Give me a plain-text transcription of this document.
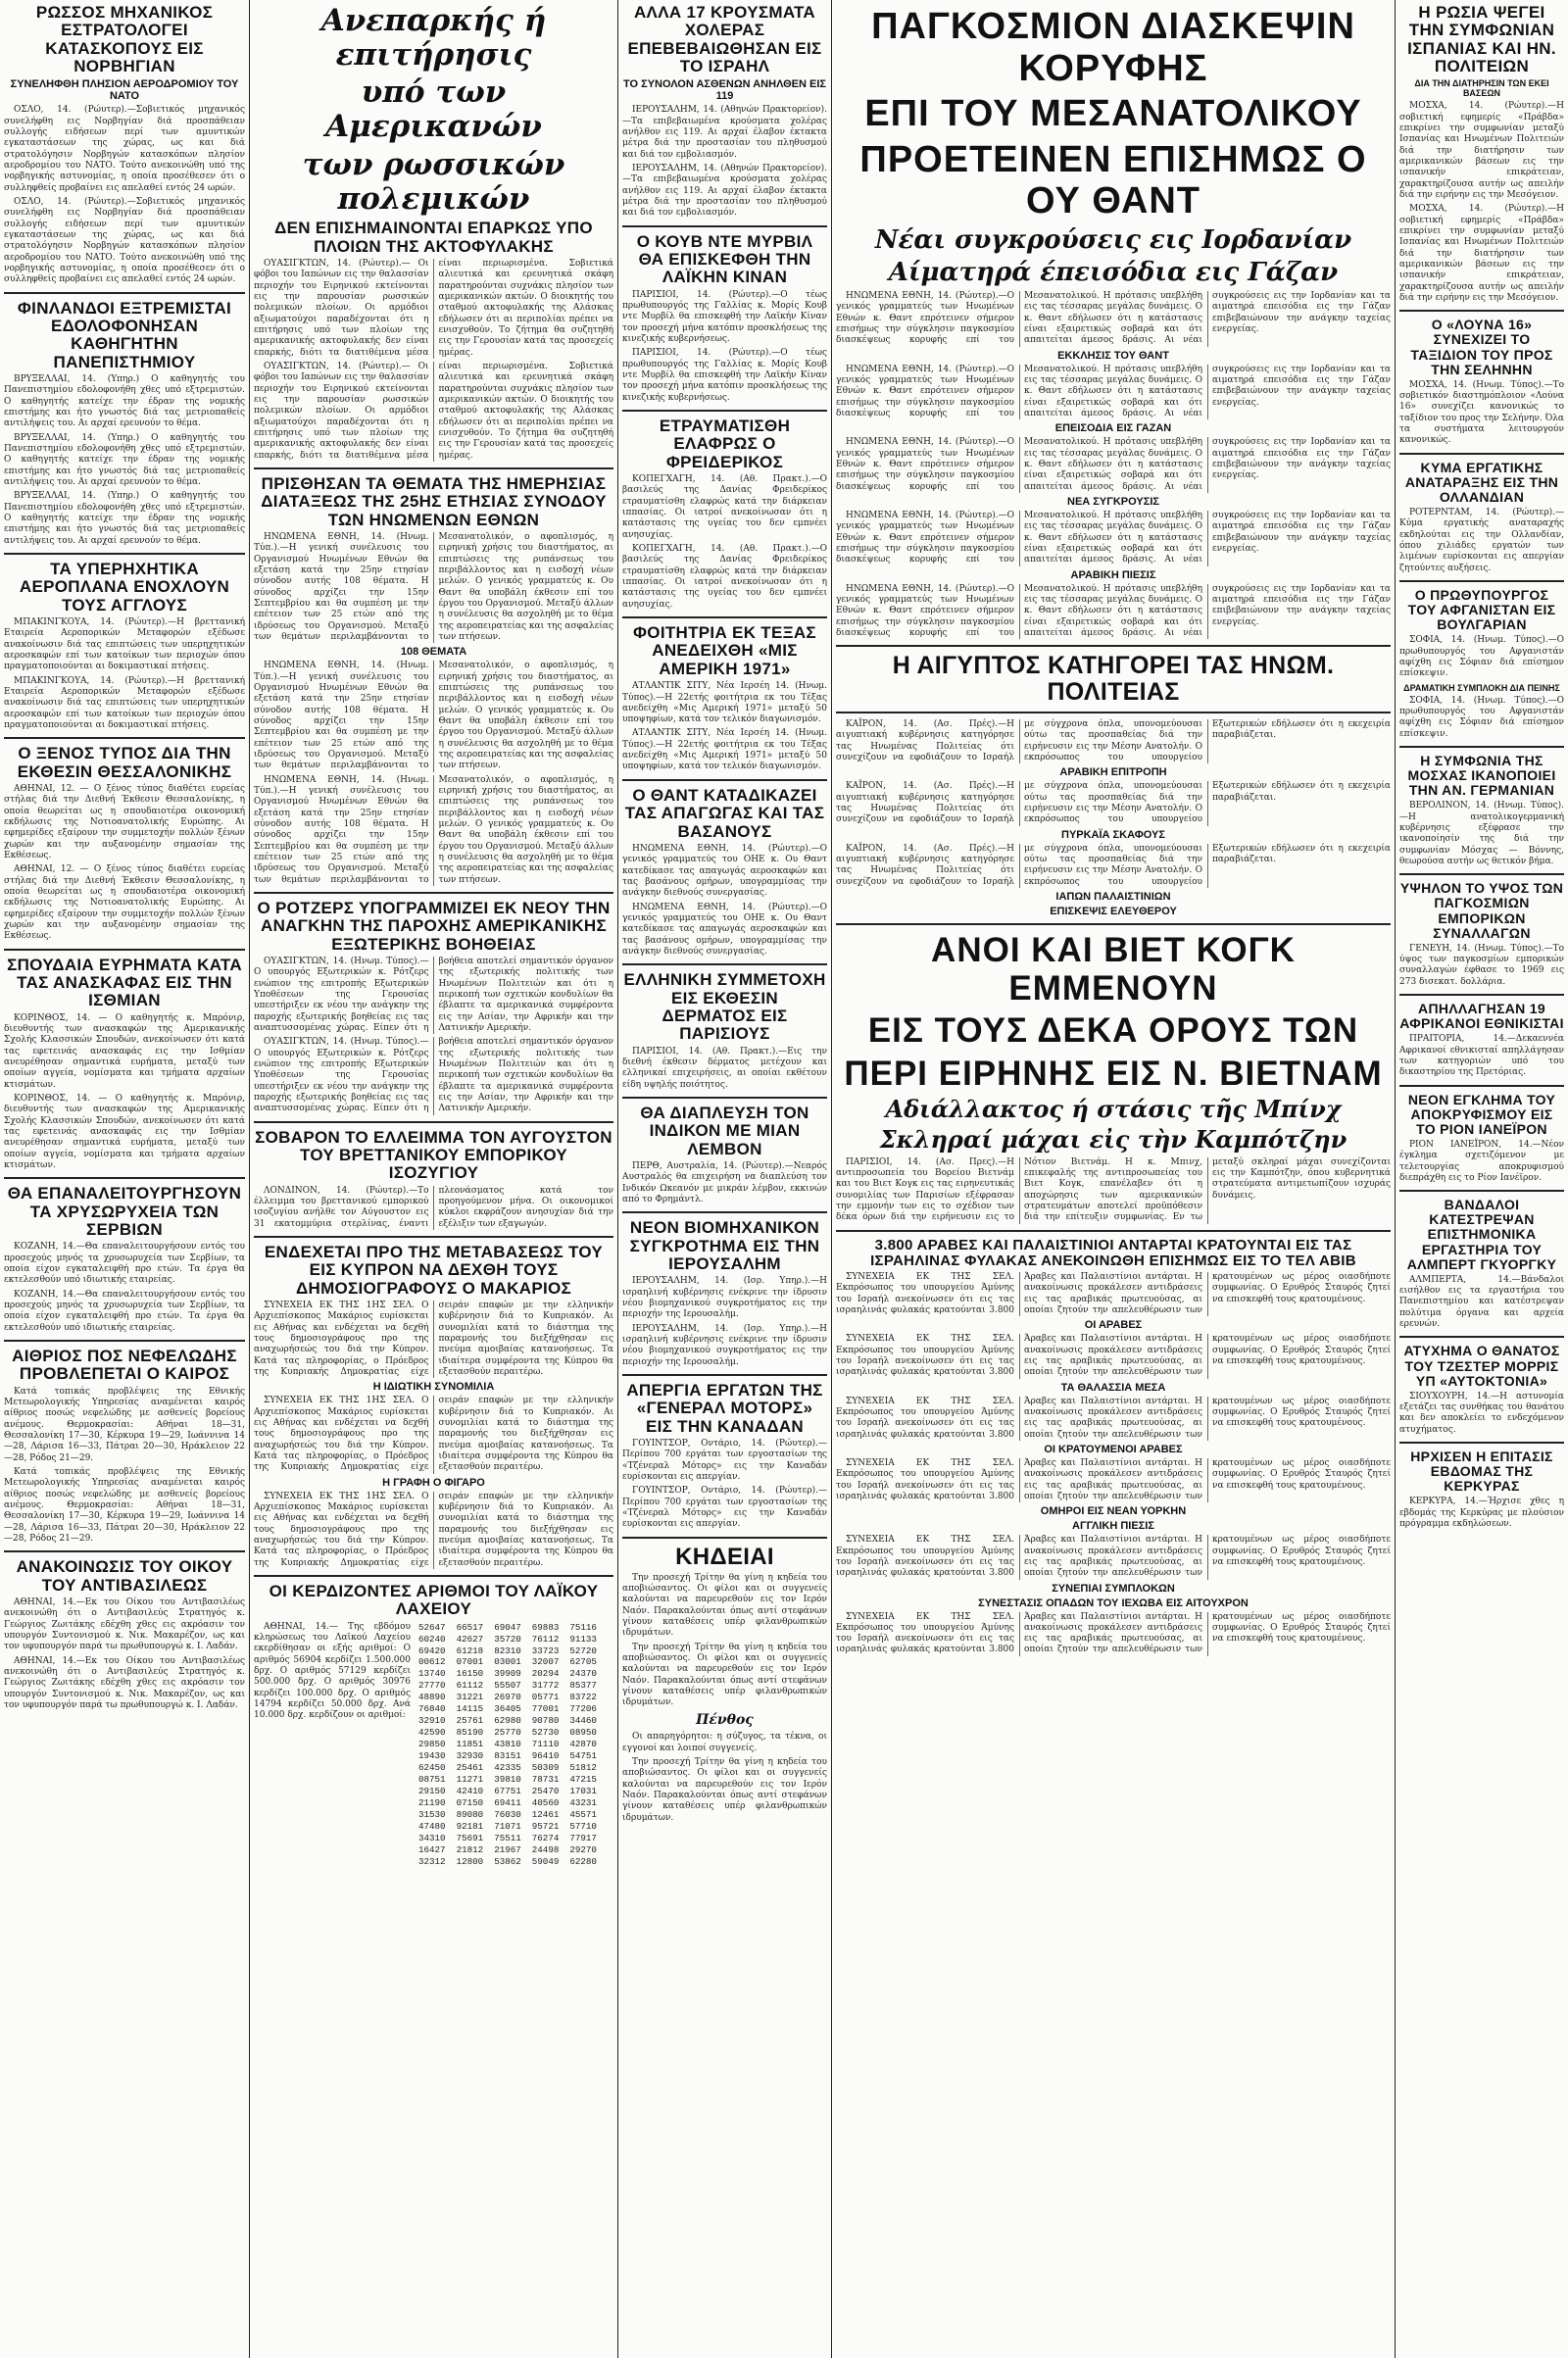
ΡΩΣΣΟΣ ΜΗΧΑΝΙΚΟΣ ΕΣΤΡΑΤΟΛΟΓΕΙ ΚΑΤΑΣΚΟΠΟΥΣ ΕΙΣ ΝΟΡΒΗΓΙΑΝ
ΣΥΝΕΛΗΦΘΗ ΠΛΗΣΙΟΝ ΑΕΡΟΔΡΟΜΙΟΥ ΤΟΥ ΝΑΤΟ

ΟΣΛΟ, 14. (Ρώυτερ).—Σοβιετικός μηχανικός συνελήφθη εις Νορβηγίαν διά προσπάθειαν συλλογής ειδήσεων περί των αμυντικών εγκαταστάσεων της χώρας, ως και διά στρατολόγησιν Νορβηγών κατασκόπων πλησίον αεροδρομίου του ΝΑΤΟ. Τούτο ανεκοινώθη υπό της νορβηγικής αστυνομίας, η οποία προσέθεσεν ότι ο συλληφθείς προβαίνει εις απελαθεί εντός 24 ωρών.

ΟΣΛΟ, 14. (Ρώυτερ).—Σοβιετικός μηχανικός συνελήφθη εις Νορβηγίαν διά προσπάθειαν συλλογής ειδήσεων περί των αμυντικών εγκαταστάσεων της χώρας, ως και διά στρατολόγησιν Νορβηγών κατασκόπων πλησίον αεροδρομίου του ΝΑΤΟ. Τούτο ανεκοινώθη υπό της νορβηγικής αστυνομίας, η οποία προσέθεσεν ότι ο συλληφθείς προβαίνει εις απελαθεί εντός 24 ωρών.

ΦΙΝΛΑΝΔΟΙ ΕΞΤΡΕΜΙΣΤΑΙ ΕΔΟΛΟΦΟΝΗΣΑΝ ΚΑΘΗΓΗΤΗΝ ΠΑΝΕΠΙΣΤΗΜΙΟΥ

ΒΡΥΞΕΛΛΑΙ, 14. (Υπηρ.) Ο καθηγητής του Πανεπιστημίου εδολοφονήθη χθες υπό εξτρεμιστών. Ο καθηγητής κατείχε την έδραν της νομικής επιστήμης και ήτο γνωστός διά τας μετριοπαθείς αντιλήψεις του. Αι αρχαί ερευνούν το θέμα.

ΒΡΥΞΕΛΛΑΙ, 14. (Υπηρ.) Ο καθηγητής του Πανεπιστημίου εδολοφονήθη χθες υπό εξτρεμιστών. Ο καθηγητής κατείχε την έδραν της νομικής επιστήμης και ήτο γνωστός διά τας μετριοπαθείς αντιλήψεις του. Αι αρχαί ερευνούν το θέμα.

ΒΡΥΞΕΛΛΑΙ, 14. (Υπηρ.) Ο καθηγητής του Πανεπιστημίου εδολοφονήθη χθες υπό εξτρεμιστών. Ο καθηγητής κατείχε την έδραν της νομικής επιστήμης και ήτο γνωστός διά τας μετριοπαθείς αντιλήψεις του. Αι αρχαί ερευνούν το θέμα.

ΤΑ ΥΠΕΡΗΧΗΤΙΚΑ ΑΕΡΟΠΛΑΝΑ ΕΝΟΧΛΟΥΝ ΤΟΥΣ ΑΓΓΛΟΥΣ

ΜΠΑΚΙΝΓΚΟΥΑ, 14. (Ρώυτερ).—Η βρεττανική Εταιρεία Αεροπορικών Μεταφορών εξέδωσε ανακοίνωσιν διά τας επιπτώσεις των υπερηχητικών αεροσκαφών επί των κατοίκων των περιοχών όπου πραγματοποιούνται αι δοκιμαστικαί πτήσεις.

ΜΠΑΚΙΝΓΚΟΥΑ, 14. (Ρώυτερ).—Η βρεττανική Εταιρεία Αεροπορικών Μεταφορών εξέδωσε ανακοίνωσιν διά τας επιπτώσεις των υπερηχητικών αεροσκαφών επί των κατοίκων των περιοχών όπου πραγματοποιούνται αι δοκιμαστικαί πτήσεις.

Ο ΞΕΝΟΣ ΤΥΠΟΣ ΔΙΑ ΤΗΝ ΕΚΘΕΣΙΝ ΘΕΣΣΑΛΟΝΙΚΗΣ

ΑΘΗΝΑΙ, 12. — Ο ξένος τύπος διαθέτει ευρείας στήλας διά την Διεθνή Έκθεσιν Θεσσαλονίκης, η οποία θεωρείται ως η σπουδαιοτέρα οικονομική εκδήλωσις της Νοτιοανατολικής Ευρώπης. Αι εφημερίδες εξαίρουν την συμμετοχήν πολλών ξένων χωρών και την αυξανομένην σημασίαν της Εκθέσεως.

ΑΘΗΝΑΙ, 12. — Ο ξένος τύπος διαθέτει ευρείας στήλας διά την Διεθνή Έκθεσιν Θεσσαλονίκης, η οποία θεωρείται ως η σπουδαιοτέρα οικονομική εκδήλωσις της Νοτιοανατολικής Ευρώπης. Αι εφημερίδες εξαίρουν την συμμετοχήν πολλών ξένων χωρών και την αυξανομένην σημασίαν της Εκθέσεως.

ΣΠΟΥΔΑΙΑ ΕΥΡΗΜΑΤΑ ΚΑΤΑ ΤΑΣ ΑΝΑΣΚΑΦΑΣ ΕΙΣ ΤΗΝ ΙΣΘΜΙΑΝ

ΚΟΡΙΝΘΟΣ, 14. — Ο καθηγητής κ. Μπρόνιρ, διευθυντής των ανασκαφών της Αμερικανικής Σχολής Κλασσικών Σπουδών, ανεκοίνωσεν ότι κατά τας εφετεινάς ανασκαφάς εις την Ισθμίαν ανευρέθησαν σημαντικά ευρήματα, μεταξύ των οποίων αγγεία, νομίσματα και τμήματα αρχαίων κτισμάτων.

ΚΟΡΙΝΘΟΣ, 14. — Ο καθηγητής κ. Μπρόνιρ, διευθυντής των ανασκαφών της Αμερικανικής Σχολής Κλασσικών Σπουδών, ανεκοίνωσεν ότι κατά τας εφετεινάς ανασκαφάς εις την Ισθμίαν ανευρέθησαν σημαντικά ευρήματα, μεταξύ των οποίων αγγεία, νομίσματα και τμήματα αρχαίων κτισμάτων.

ΘΑ ΕΠΑΝΑΛΕΙΤΟΥΡΓΗΣΟΥΝ ΤΑ ΧΡΥΣΩΡΥΧΕΙΑ ΤΩΝ ΣΕΡΒΙΩΝ

ΚΟΖΑΝΗ, 14.—Θα επαναλειτουργήσουν εντός του προσεχούς μηνός τα χρυσωρυχεία των Σερβίων, τα οποία είχον εγκαταλειφθή προ ετών. Τα έργα θα εκτελεσθούν υπό ιδιωτικής εταιρείας.

ΚΟΖΑΝΗ, 14.—Θα επαναλειτουργήσουν εντός του προσεχούς μηνός τα χρυσωρυχεία των Σερβίων, τα οποία είχον εγκαταλειφθή προ ετών. Τα έργα θα εκτελεσθούν υπό ιδιωτικής εταιρείας.

ΑΙΘΡΙΟΣ ΠΟΣ ΝΕΦΕΛΩΔΗΣ ΠΡΟΒΛΕΠΕΤΑΙ Ο ΚΑΙΡΟΣ

Κατά τοπικάς προβλέψεις της Εθνικής Μετεωρολογικής Υπηρεσίας αναμένεται καιρός αίθριος ποσώς νεφελώδης με ασθενείς βορείους ανέμους. Θερμοκρασίαι: Αθήναι 18—31, Θεσσαλονίκη 17—30, Κέρκυρα 19—29, Ιωάννινα 14—28, Λάρισα 16—33, Πάτραι 20—30, Ηράκλειον 22—28, Ρόδος 21—29.

Κατά τοπικάς προβλέψεις της Εθνικής Μετεωρολογικής Υπηρεσίας αναμένεται καιρός αίθριος ποσώς νεφελώδης με ασθενείς βορείους ανέμους. Θερμοκρασίαι: Αθήναι 18—31, Θεσσαλονίκη 17—30, Κέρκυρα 19—29, Ιωάννινα 14—28, Λάρισα 16—33, Πάτραι 20—30, Ηράκλειον 22—28, Ρόδος 21—29.

ΑΝΑΚΟΙΝΩΣΙΣ ΤΟΥ ΟΙΚΟΥ ΤΟΥ ΑΝΤΙΒΑΣΙΛΕΩΣ

ΑΘΗΝΑΙ, 14.—Εκ του Οίκου του Αντιβασιλέως ανεκοινώθη ότι ο Αντιβασιλεύς Στρατηγός κ. Γεώργιος Ζωιτάκης εδέχθη χθες εις ακρόασιν τον υπουργόν Συντονισμού κ. Νικ. Μακαρέζον, ως και τον υφυπουργόν παρά τω πρωθυπουργώ κ. Ι. Λαδάν.

ΑΘΗΝΑΙ, 14.—Εκ του Οίκου του Αντιβασιλέως ανεκοινώθη ότι ο Αντιβασιλεύς Στρατηγός κ. Γεώργιος Ζωιτάκης εδέχθη χθες εις ακρόασιν τον υπουργόν Συντονισμού κ. Νικ. Μακαρέζον, ως και τον υφυπουργόν παρά τω πρωθυπουργώ κ. Ι. Λαδάν.

Ανεπαρκής ή επιτήρησις
υπό των Αμερικανών
των ρωσσικών πολεμικών
ΔΕΝ ΕΠΙΣΗΜΑΙΝΟΝΤΑΙ ΕΠΑΡΚΩΣ ΥΠΟ ΠΛΟΙΩΝ ΤΗΣ ΑΚΤΟΦΥΛΑΚΗΣ

ΟΥΑΣΙΓΚΤΩΝ, 14. (Ρώυτερ).— Οι φόβοι του Ιαπώνων εις την θαλασσίαν περιοχήν του Ειρηνικού εκτείνονται εις την παρουσίαν ρωσσικών πολεμικών πλοίων. Οι αρμόδιοι αξιωματούχοι παραδέχονται ότι η επιτήρησις υπό των πλοίων της αμερικανικής ακτοφυλακής δεν είναι επαρκής, διότι τα διατιθέμενα μέσα είναι περιωρισμένα. Σοβιετικά αλιευτικά και ερευνητικά σκάφη παρατηρούνται συχνάκις πλησίον των αμερικανικών ακτών. Ο διοικητής του σταθμού ακτοφυλακής της Αλάσκας εδήλωσεν ότι αι περιπολίαι πρέπει να ενισχυθούν. Το ζήτημα θα συζητηθή εις την Γερουσίαν κατά τας προσεχείς ημέρας.

ΟΥΑΣΙΓΚΤΩΝ, 14. (Ρώυτερ).— Οι φόβοι του Ιαπώνων εις την θαλασσίαν περιοχήν του Ειρηνικού εκτείνονται εις την παρουσίαν ρωσσικών πολεμικών πλοίων. Οι αρμόδιοι αξιωματούχοι παραδέχονται ότι η επιτήρησις υπό των πλοίων της αμερικανικής ακτοφυλακής δεν είναι επαρκής, διότι τα διατιθέμενα μέσα είναι περιωρισμένα. Σοβιετικά αλιευτικά και ερευνητικά σκάφη παρατηρούνται συχνάκις πλησίον των αμερικανικών ακτών. Ο διοικητής του σταθμού ακτοφυλακής της Αλάσκας εδήλωσεν ότι αι περιπολίαι πρέπει να ενισχυθούν. Το ζήτημα θα συζητηθή εις την Γερουσίαν κατά τας προσεχείς ημέρας.

ΠΡΙΣΘΗΣΑΝ ΤΑ ΘΕΜΑΤΑ ΤΗΣ ΗΜΕΡΗΣΙΑΣ ΔΙΑΤΑΞΕΩΣ ΤΗΣ 25ΗΣ ΕΤΗΣΙΑΣ ΣΥΝΟΔΟΥ ΤΩΝ ΗΝΩΜΕΝΩΝ ΕΘΝΩΝ

ΗΝΩΜΕΝΑ ΕΘΝΗ, 14. (Ηνωμ. Τύπ.).—Η γενική συνέλευσις του Οργανισμού Ηνωμένων Εθνών θα εξετάση κατά την 25ην ετησίαν σύνοδον αυτής 108 θέματα. Η σύνοδος αρχίζει την 15ην Σεπτεμβρίου και θα συμπέση με την επέτειον των 25 ετών από της ιδρύσεως του Οργανισμού. Μεταξύ των θεμάτων περιλαμβάνονται το Μεσανατολικόν, ο αφοπλισμός, η ειρηνική χρήσις του διαστήματος, αι επιπτώσεις της ρυπάνσεως του περιβάλλοντος και η εισδοχή νέων μελών. Ο γενικός γραμματεύς κ. Ου Θαντ θα υποβάλη έκθεσιν επί του έργου του Οργανισμού. Μεταξύ άλλων η συνέλευσις θα ασχοληθή με το θέμα της αεροπειρατείας και της ασφαλείας των πτήσεων.

108 ΘΕΜΑΤΑ

ΗΝΩΜΕΝΑ ΕΘΝΗ, 14. (Ηνωμ. Τύπ.).—Η γενική συνέλευσις του Οργανισμού Ηνωμένων Εθνών θα εξετάση κατά την 25ην ετησίαν σύνοδον αυτής 108 θέματα. Η σύνοδος αρχίζει την 15ην Σεπτεμβρίου και θα συμπέση με την επέτειον των 25 ετών από της ιδρύσεως του Οργανισμού. Μεταξύ των θεμάτων περιλαμβάνονται το Μεσανατολικόν, ο αφοπλισμός, η ειρηνική χρήσις του διαστήματος, αι επιπτώσεις της ρυπάνσεως του περιβάλλοντος και η εισδοχή νέων μελών. Ο γενικός γραμματεύς κ. Ου Θαντ θα υποβάλη έκθεσιν επί του έργου του Οργανισμού. Μεταξύ άλλων η συνέλευσις θα ασχοληθή με το θέμα της αεροπειρατείας και της ασφαλείας των πτήσεων.

ΗΝΩΜΕΝΑ ΕΘΝΗ, 14. (Ηνωμ. Τύπ.).—Η γενική συνέλευσις του Οργανισμού Ηνωμένων Εθνών θα εξετάση κατά την 25ην ετησίαν σύνοδον αυτής 108 θέματα. Η σύνοδος αρχίζει την 15ην Σεπτεμβρίου και θα συμπέση με την επέτειον των 25 ετών από της ιδρύσεως του Οργανισμού. Μεταξύ των θεμάτων περιλαμβάνονται το Μεσανατολικόν, ο αφοπλισμός, η ειρηνική χρήσις του διαστήματος, αι επιπτώσεις της ρυπάνσεως του περιβάλλοντος και η εισδοχή νέων μελών. Ο γενικός γραμματεύς κ. Ου Θαντ θα υποβάλη έκθεσιν επί του έργου του Οργανισμού. Μεταξύ άλλων η συνέλευσις θα ασχοληθή με το θέμα της αεροπειρατείας και της ασφαλείας των πτήσεων.

Ο ΡΟΤΖΕΡΣ ΥΠΟΓΡΑΜΜΙΖΕΙ ΕΚ ΝΕΟΥ ΤΗΝ ΑΝΑΓΚΗΝ ΤΗΣ ΠΑΡΟΧΗΣ ΑΜΕΡΙΚΑΝΙΚΗΣ ΕΞΩΤΕΡΙΚΗΣ ΒΟΗΘΕΙΑΣ

ΟΥΑΣΙΓΚΤΩΝ, 14. (Ηνωμ. Τύπος).—Ο υπουργός Εξωτερικών κ. Ρότζερς ενώπιον της επιτροπής Εξωτερικών Υποθέσεων της Γερουσίας υπεστήριξεν εκ νέου την ανάγκην της παροχής εξωτερικής βοηθείας εις τας αναπτυσσομένας χώρας. Είπεν ότι η βοήθεια αποτελεί σημαντικόν όργανον της εξωτερικής πολιτικής των Ηνωμένων Πολιτειών και ότι η περικοπή των σχετικών κονδυλίων θα έβλαπτε τα αμερικανικά συμφέροντα εις την Ασίαν, την Αφρικήν και την Λατινικήν Αμερικήν.

ΟΥΑΣΙΓΚΤΩΝ, 14. (Ηνωμ. Τύπος).—Ο υπουργός Εξωτερικών κ. Ρότζερς ενώπιον της επιτροπής Εξωτερικών Υποθέσεων της Γερουσίας υπεστήριξεν εκ νέου την ανάγκην της παροχής εξωτερικής βοηθείας εις τας αναπτυσσομένας χώρας. Είπεν ότι η βοήθεια αποτελεί σημαντικόν όργανον της εξωτερικής πολιτικής των Ηνωμένων Πολιτειών και ότι η περικοπή των σχετικών κονδυλίων θα έβλαπτε τα αμερικανικά συμφέροντα εις την Ασίαν, την Αφρικήν και την Λατινικήν Αμερικήν.

ΣΟΒΑΡΟΝ ΤΟ ΕΛΛΕΙΜΜΑ ΤΟΝ ΑΥΓΟΥΣΤΟΝ ΤΟΥ ΒΡΕΤΤΑΝΙΚΟΥ ΕΜΠΟΡΙΚΟΥ ΙΣΟΖΥΓΙΟΥ

ΛΟΝΔΙΝΟΝ, 14. (Ρώυτερ).—Το έλλειμμα του βρεττανικού εμπορικού ισοζυγίου ανήλθε τον Αύγουστον εις 31 εκατομμύρια στερλίνας, έναντι πλεονάσματος κατά τον προηγούμενον μήνα. Οι οικονομικοί κύκλοι εκφράζουν ανησυχίαν διά την εξέλιξιν των εξαγωγών.

ΕΝΔΕΧΕΤΑΙ ΠΡΟ ΤΗΣ ΜΕΤΑΒΑΣΕΩΣ ΤΟΥ ΕΙΣ ΚΥΠΡΟΝ ΝΑ ΔΕΧΘΗ ΤΟΥΣ ΔΗΜΟΣΙΟΓΡΑΦΟΥΣ Ο ΜΑΚΑΡΙΟΣ

ΣΥΝΕΧΕΙΑ ΕΚ ΤΗΣ 1ΗΣ ΣΕΛ. Ο Αρχιεπίσκοπος Μακάριος ευρίσκεται εις Αθήνας και ενδέχεται να δεχθή τους δημοσιογράφους προ της αναχωρήσεώς του διά την Κύπρον. Κατά τας πληροφορίας, ο Πρόεδρος της Κυπριακής Δημοκρατίας είχε σειράν επαφών με την ελληνικήν κυβέρνησιν διά το Κυπριακόν. Αι συνομιλίαι κατά το διάστημα της παραμονής του διεξήχθησαν εις πνεύμα αμοιβαίας κατανοήσεως. Τα ιδιαίτερα συμφέροντα της Κύπρου θα εξετασθούν περαιτέρω.

Η ΙΔΙΩΤΙΚΗ ΣΥΝΟΜΙΛΙΑ

ΣΥΝΕΧΕΙΑ ΕΚ ΤΗΣ 1ΗΣ ΣΕΛ. Ο Αρχιεπίσκοπος Μακάριος ευρίσκεται εις Αθήνας και ενδέχεται να δεχθή τους δημοσιογράφους προ της αναχωρήσεώς του διά την Κύπρον. Κατά τας πληροφορίας, ο Πρόεδρος της Κυπριακής Δημοκρατίας είχε σειράν επαφών με την ελληνικήν κυβέρνησιν διά το Κυπριακόν. Αι συνομιλίαι κατά το διάστημα της παραμονής του διεξήχθησαν εις πνεύμα αμοιβαίας κατανοήσεως. Τα ιδιαίτερα συμφέροντα της Κύπρου θα εξετασθούν περαιτέρω.

Η ΓΡΑΦΗ Ο ΦΙΓΑΡΟ

ΣΥΝΕΧΕΙΑ ΕΚ ΤΗΣ 1ΗΣ ΣΕΛ. Ο Αρχιεπίσκοπος Μακάριος ευρίσκεται εις Αθήνας και ενδέχεται να δεχθή τους δημοσιογράφους προ της αναχωρήσεώς του διά την Κύπρον. Κατά τας πληροφορίας, ο Πρόεδρος της Κυπριακής Δημοκρατίας είχε σειράν επαφών με την ελληνικήν κυβέρνησιν διά το Κυπριακόν. Αι συνομιλίαι κατά το διάστημα της παραμονής του διεξήχθησαν εις πνεύμα αμοιβαίας κατανοήσεως. Τα ιδιαίτερα συμφέροντα της Κύπρου θα εξετασθούν περαιτέρω.

ΟΙ ΚΕΡΔΙΖΟΝΤΕΣ ΑΡΙΘΜΟΙ ΤΟΥ ΛΑΪΚΟΥ ΛΑΧΕΙΟΥ

ΑΘΗΝΑΙ, 14.— Της εβδόμου κληρώσεως του Λαϊκού Λαχείου εκερδίθησαν οι εξής αριθμοί: Ο αριθμός 56904 κερδίζει 1.500.000 δρχ. Ο αριθμός 57129 κερδίζει 500.000 δρχ. Ο αριθμός 30976 κερδίζει 100.000 δρχ. Ο αριθμός 14794 κερδίζει 50.000 δρχ. Ανά 10.000 δρχ. κερδίζουν οι αριθμοί:

52647  66517  69047  69883  75116
60240  42627  35720  76112  91133
69420  61218  82310  33723  52720
00612  07001  03001  32007  62705
13740  16150  39909  20294  24370
27770  61112  55507  31772  85377
48890  31221  26970  05771  83722
76840  14115  36405  77001  77206
32910  25761  62980  90780  34460
42590  85190  25770  52730  08950
29850  11851  43810  71110  42870
19430  32930  83151  96410  54751
62450  25461  42335  50309  51812
08751  11271  39810  78731  47215
29150  42410  67751  25470  17031
21190  07150  69411  40560  43231
31530  89080  76030  12461  45571
47480  92181  71071  95721  57710
34310  75691  75511  76274  77917
16427  21812  21967  24498  29270
32312  12800  53862  59049  62280
ΑΛΛΑ 17 ΚΡΟΥΣΜΑΤΑ ΧΟΛΕΡΑΣ ΕΠΕΒΕΒΑΙΩΘΗΣΑΝ ΕΙΣ ΤΟ ΙΣΡΑΗΛ
ΤΟ ΣΥΝΟΛΟΝ ΑΣΘΕΝΩΝ ΑΝΗΛΘΕΝ ΕΙΣ 119

ΙΕΡΟΥΣΑΛΗΜ, 14. (Αθηνών Πρακτορείον).—Τα επιβεβαιωμένα κρούσματα χολέρας ανήλθον εις 119. Αι αρχαί έλαβον έκτακτα μέτρα διά την προστασίαν του πληθυσμού και διά τον εμβολιασμόν.

ΙΕΡΟΥΣΑΛΗΜ, 14. (Αθηνών Πρακτορείον).—Τα επιβεβαιωμένα κρούσματα χολέρας ανήλθον εις 119. Αι αρχαί έλαβον έκτακτα μέτρα διά την προστασίαν του πληθυσμού και διά τον εμβολιασμόν.

Ο ΚΟΥΒ ΝΤΕ ΜΥΡΒΙΛ ΘΑ ΕΠΙΣΚΕΦΘΗ ΤΗΝ ΛΑΪΚΗΝ ΚΙΝΑΝ

ΠΑΡΙΣΙΟΙ, 14. (Ρώυτερ).—Ο τέως πρωθυπουργός της Γαλλίας κ. Μορίς Κουβ ντε Μυρβίλ θα επισκεφθή την Λαϊκήν Κίναν τον προσεχή μήνα κατόπιν προσκλήσεως της κινεζικής κυβερνήσεως.

ΠΑΡΙΣΙΟΙ, 14. (Ρώυτερ).—Ο τέως πρωθυπουργός της Γαλλίας κ. Μορίς Κουβ ντε Μυρβίλ θα επισκεφθή την Λαϊκήν Κίναν τον προσεχή μήνα κατόπιν προσκλήσεως της κινεζικής κυβερνήσεως.

ΕΤΡΑΥΜΑΤΙΣΘΗ ΕΛΑΦΡΩΣ Ο ΦΡΕΙΔΕΡΙΚΟΣ

ΚΟΠΕΓΧΑΓΗ, 14. (Αθ. Πρακτ.).—Ο βασιλεύς της Δανίας Φρειδερίκος ετραυματίσθη ελαφρώς κατά την διάρκειαν ιππασίας. Οι ιατροί ανεκοίνωσαν ότι η κατάστασις της υγείας του δεν εμπνέει ανησυχίας.

ΚΟΠΕΓΧΑΓΗ, 14. (Αθ. Πρακτ.).—Ο βασιλεύς της Δανίας Φρειδερίκος ετραυματίσθη ελαφρώς κατά την διάρκειαν ιππασίας. Οι ιατροί ανεκοίνωσαν ότι η κατάστασις της υγείας του δεν εμπνέει ανησυχίας.

ΦΟΙΤΗΤΡΙΑ ΕΚ ΤΕΞΑΣ ΑΝΕΔΕΙΧΘΗ «ΜΙΣ ΑΜΕΡΙΚΗ 1971»

ΑΤΛΑΝΤΙΚ ΣΙΤΥ, Νέα Ιερσέη 14. (Ηνωμ. Τύπος).—Η 22ετής φοιτήτρια εκ του Τέξας ανεδείχθη «Μις Αμερική 1971» μεταξύ 50 υποψηφίων, κατά τον τελικόν διαγωνισμόν.

ΑΤΛΑΝΤΙΚ ΣΙΤΥ, Νέα Ιερσέη 14. (Ηνωμ. Τύπος).—Η 22ετής φοιτήτρια εκ του Τέξας ανεδείχθη «Μις Αμερική 1971» μεταξύ 50 υποψηφίων, κατά τον τελικόν διαγωνισμόν.

Ο ΘΑΝΤ ΚΑΤΑΔΙΚΑΖΕΙ ΤΑΣ ΑΠΑΓΩΓΑΣ ΚΑΙ ΤΑΣ ΒΑΣΑΝΟΥΣ

ΗΝΩΜΕΝΑ ΕΘΝΗ, 14. (Ρώυτερ).—Ο γενικός γραμματεύς του ΟΗΕ κ. Ου Θαντ κατεδίκασε τας απαγωγάς αεροσκαφών και τας βασάνους ομήρων, υπογραμμίσας την ανάγκην διεθνούς συνεργασίας.

ΗΝΩΜΕΝΑ ΕΘΝΗ, 14. (Ρώυτερ).—Ο γενικός γραμματεύς του ΟΗΕ κ. Ου Θαντ κατεδίκασε τας απαγωγάς αεροσκαφών και τας βασάνους ομήρων, υπογραμμίσας την ανάγκην διεθνούς συνεργασίας.

ΕΛΛΗΝΙΚΗ ΣΥΜΜΕΤΟΧΗ ΕΙΣ ΕΚΘΕΣΙΝ ΔΕΡΜΑΤΟΣ ΕΙΣ ΠΑΡΙΣΙΟΥΣ

ΠΑΡΙΣΙΟΙ, 14. (Αθ. Πρακτ.).—Εις την διεθνή έκθεσιν δέρματος μετέχουν και ελληνικαί επιχειρήσεις, αι οποίαι εκθέτουν είδη υψηλής ποιότητος.

ΘΑ ΔΙΑΠΛΕΥΣΗ ΤΟΝ ΙΝΔΙΚΟΝ ΜΕ ΜΙΑΝ ΛΕΜΒΟΝ

ΠΕΡΘ, Αυστραλία, 14. (Ρώυτερ).—Νεαρός Αυστραλός θα επιχειρήση να διαπλεύση τον Ινδικόν Ωκεανόν με μικράν λέμβον, εκκινών από το Φρημάντλ.

ΝΕΟΝ ΒΙΟΜΗΧΑΝΙΚΟΝ ΣΥΓΚΡΟΤΗΜΑ ΕΙΣ ΤΗΝ ΙΕΡΟΥΣΑΛΗΜ

ΙΕΡΟΥΣΑΛΗΜ, 14. (Ισρ. Υπηρ.).—Η ισραηλινή κυβέρνησις ενέκρινε την ίδρυσιν νέου βιομηχανικού συγκροτήματος εις την περιοχήν της Ιερουσαλήμ.

ΙΕΡΟΥΣΑΛΗΜ, 14. (Ισρ. Υπηρ.).—Η ισραηλινή κυβέρνησις ενέκρινε την ίδρυσιν νέου βιομηχανικού συγκροτήματος εις την περιοχήν της Ιερουσαλήμ.

ΑΠΕΡΓΙΑ ΕΡΓΑΤΩΝ ΤΗΣ «ΓΕΝΕΡΑΛ ΜΟΤΟΡΣ» ΕΙΣ ΤΗΝ ΚΑΝΑΔΑΝ

ΓΟΥΙΝΤΣΟΡ, Οντάριο, 14. (Ρώυτερ).—Περίπου 700 εργάται των εργοστασίων της «Τζένεραλ Μότορς» εις την Καναδάν ευρίσκονται εις απεργίαν.

ΓΟΥΙΝΤΣΟΡ, Οντάριο, 14. (Ρώυτερ).—Περίπου 700 εργάται των εργοστασίων της «Τζένεραλ Μότορς» εις την Καναδάν ευρίσκονται εις απεργίαν.

ΚΗΔΕΙΑΙ

Την προσεχή Τρίτην θα γίνη η κηδεία του αποβιώσαντος. Οι φίλοι και οι συγγενείς καλούνται να παρευρεθούν εις τον Ιερόν Ναόν. Παρακαλούνται όπως αντί στεφάνων γίνουν καταθέσεις υπέρ φιλανθρωπικών ιδρυμάτων.

Την προσεχή Τρίτην θα γίνη η κηδεία του αποβιώσαντος. Οι φίλοι και οι συγγενείς καλούνται να παρευρεθούν εις τον Ιερόν Ναόν. Παρακαλούνται όπως αντί στεφάνων γίνουν καταθέσεις υπέρ φιλανθρωπικών ιδρυμάτων.

Πένθος

Οι απαρηγόρητοι: η σύζυγος, τα τέκνα, οι εγγονοί και λοιποί συγγενείς.

Την προσεχή Τρίτην θα γίνη η κηδεία του αποβιώσαντος. Οι φίλοι και οι συγγενείς καλούνται να παρευρεθούν εις τον Ιερόν Ναόν. Παρακαλούνται όπως αντί στεφάνων γίνουν καταθέσεις υπέρ φιλανθρωπικών ιδρυμάτων.

ΠΑΓΚΟΣΜΙΟΝ ΔΙΑΣΚΕΨΙΝ ΚΟΡΥΦΗΣ
ΕΠΙ ΤΟΥ ΜΕΣΑΝΑΤΟΛΙΚΟΥ
ΠΡΟΕΤΕΙΝΕΝ ΕΠΙΣΗΜΩΣ Ο ΟΥ ΘΑΝΤ
Νέαι συγκρούσεις εις Ιορδανίαν
Αίματηρά έπεισόδια εις Γάζαν

ΗΝΩΜΕΝΑ ΕΘΝΗ, 14. (Ρώυτερ).—Ο γενικός γραμματεύς των Ηνωμένων Εθνών κ. Θαντ επρότεινεν σήμερον επισήμως την σύγκλησιν παγκοσμίου διασκέψεως κορυφής επί του Μεσανατολικού. Η πρότασις υπεβλήθη εις τας τέσσαρας μεγάλας δυνάμεις. Ο κ. Θαντ εδήλωσεν ότι η κατάστασις είναι εξαιρετικώς σοβαρά και ότι απαιτείται άμεσος δράσις. Αι νέαι συγκρούσεις εις την Ιορδανίαν και τα αιματηρά επεισόδια εις την Γάζαν επιβεβαιώνουν την ανάγκην ταχείας ενεργείας.

ΕΚΚΛΗΣΙΣ ΤΟΥ ΘΑΝΤ

ΗΝΩΜΕΝΑ ΕΘΝΗ, 14. (Ρώυτερ).—Ο γενικός γραμματεύς των Ηνωμένων Εθνών κ. Θαντ επρότεινεν σήμερον επισήμως την σύγκλησιν παγκοσμίου διασκέψεως κορυφής επί του Μεσανατολικού. Η πρότασις υπεβλήθη εις τας τέσσαρας μεγάλας δυνάμεις. Ο κ. Θαντ εδήλωσεν ότι η κατάστασις είναι εξαιρετικώς σοβαρά και ότι απαιτείται άμεσος δράσις. Αι νέαι συγκρούσεις εις την Ιορδανίαν και τα αιματηρά επεισόδια εις την Γάζαν επιβεβαιώνουν την ανάγκην ταχείας ενεργείας.

ΕΠΕΙΣΟΔΙΑ ΕΙΣ ΓΑΖΑΝ

ΗΝΩΜΕΝΑ ΕΘΝΗ, 14. (Ρώυτερ).—Ο γενικός γραμματεύς των Ηνωμένων Εθνών κ. Θαντ επρότεινεν σήμερον επισήμως την σύγκλησιν παγκοσμίου διασκέψεως κορυφής επί του Μεσανατολικού. Η πρότασις υπεβλήθη εις τας τέσσαρας μεγάλας δυνάμεις. Ο κ. Θαντ εδήλωσεν ότι η κατάστασις είναι εξαιρετικώς σοβαρά και ότι απαιτείται άμεσος δράσις. Αι νέαι συγκρούσεις εις την Ιορδανίαν και τα αιματηρά επεισόδια εις την Γάζαν επιβεβαιώνουν την ανάγκην ταχείας ενεργείας.

ΝΕΑ ΣΥΓΚΡΟΥΣΙΣ

ΗΝΩΜΕΝΑ ΕΘΝΗ, 14. (Ρώυτερ).—Ο γενικός γραμματεύς των Ηνωμένων Εθνών κ. Θαντ επρότεινεν σήμερον επισήμως την σύγκλησιν παγκοσμίου διασκέψεως κορυφής επί του Μεσανατολικού. Η πρότασις υπεβλήθη εις τας τέσσαρας μεγάλας δυνάμεις. Ο κ. Θαντ εδήλωσεν ότι η κατάστασις είναι εξαιρετικώς σοβαρά και ότι απαιτείται άμεσος δράσις. Αι νέαι συγκρούσεις εις την Ιορδανίαν και τα αιματηρά επεισόδια εις την Γάζαν επιβεβαιώνουν την ανάγκην ταχείας ενεργείας.

ΑΡΑΒΙΚΗ ΠΙΕΣΙΣ

ΗΝΩΜΕΝΑ ΕΘΝΗ, 14. (Ρώυτερ).—Ο γενικός γραμματεύς των Ηνωμένων Εθνών κ. Θαντ επρότεινεν σήμερον επισήμως την σύγκλησιν παγκοσμίου διασκέψεως κορυφής επί του Μεσανατολικού. Η πρότασις υπεβλήθη εις τας τέσσαρας μεγάλας δυνάμεις. Ο κ. Θαντ εδήλωσεν ότι η κατάστασις είναι εξαιρετικώς σοβαρά και ότι απαιτείται άμεσος δράσις. Αι νέαι συγκρούσεις εις την Ιορδανίαν και τα αιματηρά επεισόδια εις την Γάζαν επιβεβαιώνουν την ανάγκην ταχείας ενεργείας.

Η ΑΙΓΥΠΤΟΣ ΚΑΤΗΓΟΡΕΙ ΤΑΣ ΗΝΩΜ. ΠΟΛΙΤΕΙΑΣ

ΚΑΪΡΟΝ, 14. (Ασ. Πρές).—Η αιγυπτιακή κυβέρνησις κατηγόρησε τας Ηνωμένας Πολιτείας ότι συνεχίζουν να εφοδιάζουν το Ισραήλ με σύγχρονα όπλα, υπονομεύουσαι ούτω τας προσπαθείας διά την ειρήνευσιν εις την Μέσην Ανατολήν. Ο εκπρόσωπος του υπουργείου Εξωτερικών εδήλωσεν ότι η εκεχειρία παραβιάζεται.

ΑΡΑΒΙΚΗ ΕΠΙΤΡΟΠΗ

ΚΑΪΡΟΝ, 14. (Ασ. Πρές).—Η αιγυπτιακή κυβέρνησις κατηγόρησε τας Ηνωμένας Πολιτείας ότι συνεχίζουν να εφοδιάζουν το Ισραήλ με σύγχρονα όπλα, υπονομεύουσαι ούτω τας προσπαθείας διά την ειρήνευσιν εις την Μέσην Ανατολήν. Ο εκπρόσωπος του υπουργείου Εξωτερικών εδήλωσεν ότι η εκεχειρία παραβιάζεται.

ΠΥΡΚΑΪΑ ΣΚΑΦΟΥΣ

ΚΑΪΡΟΝ, 14. (Ασ. Πρές).—Η αιγυπτιακή κυβέρνησις κατηγόρησε τας Ηνωμένας Πολιτείας ότι συνεχίζουν να εφοδιάζουν το Ισραήλ με σύγχρονα όπλα, υπονομεύουσαι ούτω τας προσπαθείας διά την ειρήνευσιν εις την Μέσην Ανατολήν. Ο εκπρόσωπος του υπουργείου Εξωτερικών εδήλωσεν ότι η εκεχειρία παραβιάζεται.

ΙΑΠΩΝ ΠΑΛΑΙΣΤΙΝΙΩΝ
ΕΠΙΣΚΕΨΙΣ ΕΛΕΥΘΕΡΟΥ
ΑΝΟΙ ΚΑΙ ΒΙΕΤ ΚΟΓΚ ΕΜΜΕΝΟΥΝ
ΕΙΣ ΤΟΥΣ ΔΕΚΑ ΟΡΟΥΣ ΤΩΝ
ΠΕΡΙ ΕΙΡΗΝΗΣ ΕΙΣ Ν. ΒΙΕΤΝΑΜ
Αδιάλλακτος ή στάσις τῆς Μπίνχ
Σκληραί μάχαι εἰς τὴν Καμπότζην

ΠΑΡΙΣΙΟΙ, 14. (Ασ. Πρες).—Η αντιπροσωπεία του Βορείου Βιετνάμ και του Βιετ Κογκ εις τας ειρηνευτικάς συνομιλίας των Παρισίων εξέφρασαν την εμμονήν των εις το σχέδιον των δέκα όρων διά την ειρήνευσιν εις το Νότιον Βιετνάμ. Η κ. Μπινχ, επικεφαλής της αντιπροσωπείας του Βιετ Κογκ, επανέλαβεν ότι η αποχώρησις των αμερικανικών στρατευμάτων αποτελεί προϋπόθεσιν διά την επίτευξιν συμφωνίας. Εν τω μεταξύ σκληραί μάχαι συνεχίζονται εις την Καμπότζην, όπου κυβερνητικά στρατεύματα αντιμετωπίζουν ισχυράς δυνάμεις.

3.800 ΑΡΑΒΕΣ ΚΑΙ ΠΑΛΑΙΣΤΙΝΙΟΙ ΑΝΤΑΡΤΑΙ ΚΡΑΤΟΥΝΤΑΙ ΕΙΣ ΤΑΣ ΙΣΡΑΗΛΙΝΑΣ ΦΥΛΑΚΑΣ ΑΝΕΚΟΙΝΩΘΗ ΕΠΙΣΗΜΩΣ ΕΙΣ ΤΟ ΤΕΛ ΑΒΙΒ

ΣΥΝΕΧΕΙΑ ΕΚ ΤΗΣ ΣΕΛ. Εκπρόσωπος του υπουργείου Άμύνης του Ισραήλ ανεκοίνωσεν ότι εις τας ισραηλινάς φυλακάς κρατούνται 3.800 Άραβες και Παλαιστίνιοι αντάρται. Η ανακοίνωσις προκάλεσεν αντιδράσεις εις τας αραβικάς πρωτευούσας, αι οποίαι ζητούν την απελευθέρωσιν των κρατουμένων ως μέρος οιασδήποτε συμφωνίας. Ο Ερυθρός Σταυρός ζητεί να επισκεφθή τους κρατουμένους.

ΟΙ ΑΡΑΒΕΣ

ΣΥΝΕΧΕΙΑ ΕΚ ΤΗΣ ΣΕΛ. Εκπρόσωπος του υπουργείου Άμύνης του Ισραήλ ανεκοίνωσεν ότι εις τας ισραηλινάς φυλακάς κρατούνται 3.800 Άραβες και Παλαιστίνιοι αντάρται. Η ανακοίνωσις προκάλεσεν αντιδράσεις εις τας αραβικάς πρωτευούσας, αι οποίαι ζητούν την απελευθέρωσιν των κρατουμένων ως μέρος οιασδήποτε συμφωνίας. Ο Ερυθρός Σταυρός ζητεί να επισκεφθή τους κρατουμένους.

ΤΑ ΘΑΛΑΣΣΙΑ ΜΕΣΑ

ΣΥΝΕΧΕΙΑ ΕΚ ΤΗΣ ΣΕΛ. Εκπρόσωπος του υπουργείου Άμύνης του Ισραήλ ανεκοίνωσεν ότι εις τας ισραηλινάς φυλακάς κρατούνται 3.800 Άραβες και Παλαιστίνιοι αντάρται. Η ανακοίνωσις προκάλεσεν αντιδράσεις εις τας αραβικάς πρωτευούσας, αι οποίαι ζητούν την απελευθέρωσιν των κρατουμένων ως μέρος οιασδήποτε συμφωνίας. Ο Ερυθρός Σταυρός ζητεί να επισκεφθή τους κρατουμένους.

ΟΙ ΚΡΑΤΟΥΜΕΝΟΙ ΑΡΑΒΕΣ

ΣΥΝΕΧΕΙΑ ΕΚ ΤΗΣ ΣΕΛ. Εκπρόσωπος του υπουργείου Άμύνης του Ισραήλ ανεκοίνωσεν ότι εις τας ισραηλινάς φυλακάς κρατούνται 3.800 Άραβες και Παλαιστίνιοι αντάρται. Η ανακοίνωσις προκάλεσεν αντιδράσεις εις τας αραβικάς πρωτευούσας, αι οποίαι ζητούν την απελευθέρωσιν των κρατουμένων ως μέρος οιασδήποτε συμφωνίας. Ο Ερυθρός Σταυρός ζητεί να επισκεφθή τους κρατουμένους.

ΟΜΗΡΟΙ ΕΙΣ ΝΕΑΝ ΥΟΡΚΗΝ
ΑΓΓΛΙΚΗ ΠΙΕΣΙΣ

ΣΥΝΕΧΕΙΑ ΕΚ ΤΗΣ ΣΕΛ. Εκπρόσωπος του υπουργείου Άμύνης του Ισραήλ ανεκοίνωσεν ότι εις τας ισραηλινάς φυλακάς κρατούνται 3.800 Άραβες και Παλαιστίνιοι αντάρται. Η ανακοίνωσις προκάλεσεν αντιδράσεις εις τας αραβικάς πρωτευούσας, αι οποίαι ζητούν την απελευθέρωσιν των κρατουμένων ως μέρος οιασδήποτε συμφωνίας. Ο Ερυθρός Σταυρός ζητεί να επισκεφθή τους κρατουμένους.

ΣΥΝΕΠΙΑΙ ΣΥΜΠΛΟΚΩΝ
ΣΥΝΕΣΤΑΣΙΣ ΟΠΑΔΩΝ ΤΟΥ ΙΕΧΩΒΑ ΕΙΣ ΑΙΤΟΥΧΡΟΝ

ΣΥΝΕΧΕΙΑ ΕΚ ΤΗΣ ΣΕΛ. Εκπρόσωπος του υπουργείου Άμύνης του Ισραήλ ανεκοίνωσεν ότι εις τας ισραηλινάς φυλακάς κρατούνται 3.800 Άραβες και Παλαιστίνιοι αντάρται. Η ανακοίνωσις προκάλεσεν αντιδράσεις εις τας αραβικάς πρωτευούσας, αι οποίαι ζητούν την απελευθέρωσιν των κρατουμένων ως μέρος οιασδήποτε συμφωνίας. Ο Ερυθρός Σταυρός ζητεί να επισκεφθή τους κρατουμένους.

Η ΡΩΣΙΑ ΨΕΓΕΙ ΤΗΝ ΣΥΜΦΩΝΙΑΝ ΙΣΠΑΝΙΑΣ ΚΑΙ ΗΝ. ΠΟΛΙΤΕΙΩΝ
ΔΙΑ ΤΗΝ ΔΙΑΤΗΡΗΣΙΝ ΤΩΝ ΕΚΕΙ ΒΑΣΕΩΝ

ΜΟΣΧΑ, 14. (Ρώυτερ).—Η σοβιετική εφημερίς «Πράβδα» επικρίνει την συμφωνίαν μεταξύ Ισπανίας και Ηνωμένων Πολιτειών διά την διατήρησιν των αμερικανικών βάσεων εις την ισπανικήν επικράτειαν, χαρακτηρίζουσα αυτήν ως απειλήν διά την ειρήνην εις την Μεσόγειον.

ΜΟΣΧΑ, 14. (Ρώυτερ).—Η σοβιετική εφημερίς «Πράβδα» επικρίνει την συμφωνίαν μεταξύ Ισπανίας και Ηνωμένων Πολιτειών διά την διατήρησιν των αμερικανικών βάσεων εις την ισπανικήν επικράτειαν, χαρακτηρίζουσα αυτήν ως απειλήν διά την ειρήνην εις την Μεσόγειον.

Ο «ΛΟΥΝΑ 16» ΣΥΝΕΧΙΖΕΙ ΤΟ ΤΑΞΙΔΙΟΝ ΤΟΥ ΠΡΟΣ ΤΗΝ ΣΕΛΗΝΗΝ

ΜΟΣΧΑ, 14. (Ηνωμ. Τύπος).—Το σοβιετικόν διαστημόπλοιον «Λούνα 16» συνεχίζει κανονικώς το ταξίδιον του προς την Σελήνην. Όλα τα συστήματα λειτουργούν κανονικώς.

ΚΥΜΑ ΕΡΓΑΤΙΚΗΣ ΑΝΑΤΑΡΑΞΗΣ ΕΙΣ ΤΗΝ ΟΛΛΑΝΔΙΑΝ

ΡΟΤΕΡΝΤΑΜ, 14. (Ρώυτερ).—Κύμα εργατικής αναταραχής εκδηλούται εις την Ολλανδίαν, όπου χιλιάδες εργατών των λιμένων ευρίσκονται εις απεργίαν ζητούντες αυξήσεις.

Ο ΠΡΩΘΥΠΟΥΡΓΟΣ ΤΟΥ ΑΦΓΑΝΙΣΤΑΝ ΕΙΣ ΒΟΥΛΓΑΡΙΑΝ

ΣΟΦΙΑ, 14. (Ηνωμ. Τύπος).—Ο πρωθυπουργός του Αφγανιστάν αφίχθη εις Σόφιαν διά επίσημον επίσκεψιν.

ΔΡΑΜΑΤΙΚΗ ΣΥΜΠΛΟΚΗ ΔΙΑ ΠΕΙΝΗΣ

ΣΟΦΙΑ, 14. (Ηνωμ. Τύπος).—Ο πρωθυπουργός του Αφγανιστάν αφίχθη εις Σόφιαν διά επίσημον επίσκεψιν.

Η ΣΥΜΦΩΝΙΑ ΤΗΣ ΜΟΣΧΑΣ ΙΚΑΝΟΠΟΙΕΙ ΤΗΝ ΑΝ. ΓΕΡΜΑΝΙΑΝ

ΒΕΡΟΛΙΝΟΝ, 14. (Ηνωμ. Τύπος).—Η ανατολικογερμανική κυβέρνησις εξέφρασε την ικανοποίησίν της διά την συμφωνίαν Μόσχας — Βόννης, θεωρούσα αυτήν ως θετικόν βήμα.

ΥΨΗΛΟΝ ΤΟ ΥΨΟΣ ΤΩΝ ΠΑΓΚΟΣΜΙΩΝ ΕΜΠΟΡΙΚΩΝ ΣΥΝΑΛΛΑΓΩΝ

ΓΕΝΕΥΗ, 14. (Ηνωμ. Τύπος).—Το ύψος των παγκοσμίων εμπορικών συναλλαγών έφθασε το 1969 εις 273 δισεκατ. δολλάρια.

ΑΠΗΛΛΑΓΗΣΑΝ 19 ΑΦΡΙΚΑΝΟΙ ΕΘΝΙΚΙΣΤΑΙ

ΠΡΑΙΤΟΡΙΑ, 14.—Δεκαεννέα Αφρικανοί εθνικισταί απηλλάγησαν των κατηγοριών υπό του δικαστηρίου της Πρετόριας.

ΝΕΟΝ ΕΓΚΛΗΜΑ ΤΟΥ ΑΠΟΚΡΥΦΙΣΜΟΥ ΕΙΣ ΤΟ ΡΙΟΝ ΙΑΝΕΪΡΟΝ

ΡΙΟΝ ΙΑΝΕΪΡΟΝ, 14.—Νέον έγκλημα σχετιζόμενον με τελετουργίας αποκρυφισμού διεπράχθη εις το Ρίον Ιανέϊρον.

ΒΑΝΔΑΛΟΙ ΚΑΤΕΣΤΡΕΨΑΝ ΕΠΙΣΤΗΜΟΝΙΚΑ ΕΡΓΑΣΤΗΡΙΑ ΤΟΥ ΑΛΜΠΕΡΤ ΓΚΥΟΡΓΚΥ

ΑΛΜΠΕΡΤΑ, 14.—Βάνδαλοι εισήλθον εις τα εργαστήρια του Πανεπιστημίου και κατέστρεψαν πολύτιμα όργανα και αρχεία ερευνών.

ΑΤΥΧΗΜΑ Ο ΘΑΝΑΤΟΣ ΤΟΥ ΤΖΕΣΤΕΡ ΜΟΡΡΙΣ ΥΠ «ΑΥΤΟΚΤΟΝΙΑ»

ΣΙΟΥΧΟΥΡΗ, 14.—Η αστυνομία εξετάζει τας συνθήκας του θανάτου και δεν αποκλείει το ενδεχόμενον ατυχήματος.

ΗΡΧΙΣΕΝ Η ΕΠΙΤΑΣΙΣ ΕΒΔΟΜΑΣ ΤΗΣ ΚΕΡΚΥΡΑΣ

ΚΕΡΚΥΡΑ, 14.—Ήρχισε χθες η εβδομάς της Κερκύρας με πλούσιον πρόγραμμα εκδηλώσεων.
